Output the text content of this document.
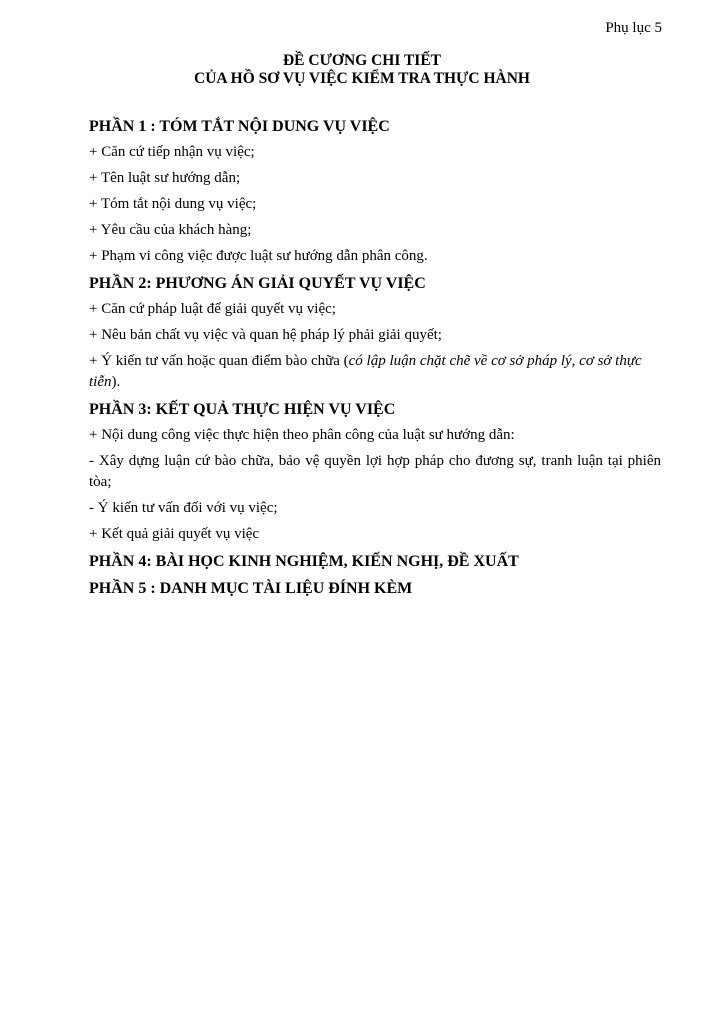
Phụ lục 5
ĐỀ CƯƠNG CHI TIẾT
CỦA HỒ SƠ VỤ VIỆC KIỂM TRA THỰC HÀNH
PHẦN 1 : TÓM TẮT NỘI DUNG VỤ VIỆC
+ Căn cứ tiếp nhận vụ việc;
+ Tên luật sư hướng dẫn;
+ Tóm tắt nội dung vụ việc;
+ Yêu cầu của khách hàng;
+ Phạm vi công việc được luật sư hướng dẫn phân công.
PHẦN 2: PHƯƠNG ÁN GIẢI QUYẾT VỤ VIỆC
+ Căn cứ pháp luật để giải quyết vụ việc;
+ Nêu bản chất vụ việc và quan hệ pháp lý phải giải quyết;
+ Ý kiến tư vấn hoặc quan điểm bào chữa (có lập luận chặt chẽ về cơ sở pháp lý, cơ sở thực tiễn).
PHẦN 3: KẾT QUẢ THỰC HIỆN VỤ VIỆC
+ Nội dung công việc thực hiện theo phân công của luật sư hướng dẫn:
- Xây dựng luận cứ bào chữa, bảo vệ quyền lợi hợp pháp cho đương sự, tranh luận tại phiên tòa;
- Ý kiến tư vấn đối với vụ việc;
+ Kết quả giải quyết vụ việc
PHẦN 4: BÀI HỌC KINH NGHIỆM, KIẾN NGHỊ, ĐỀ XUẤT
PHẦN 5 : DANH MỤC TÀI LIỆU ĐÍNH KÈM
